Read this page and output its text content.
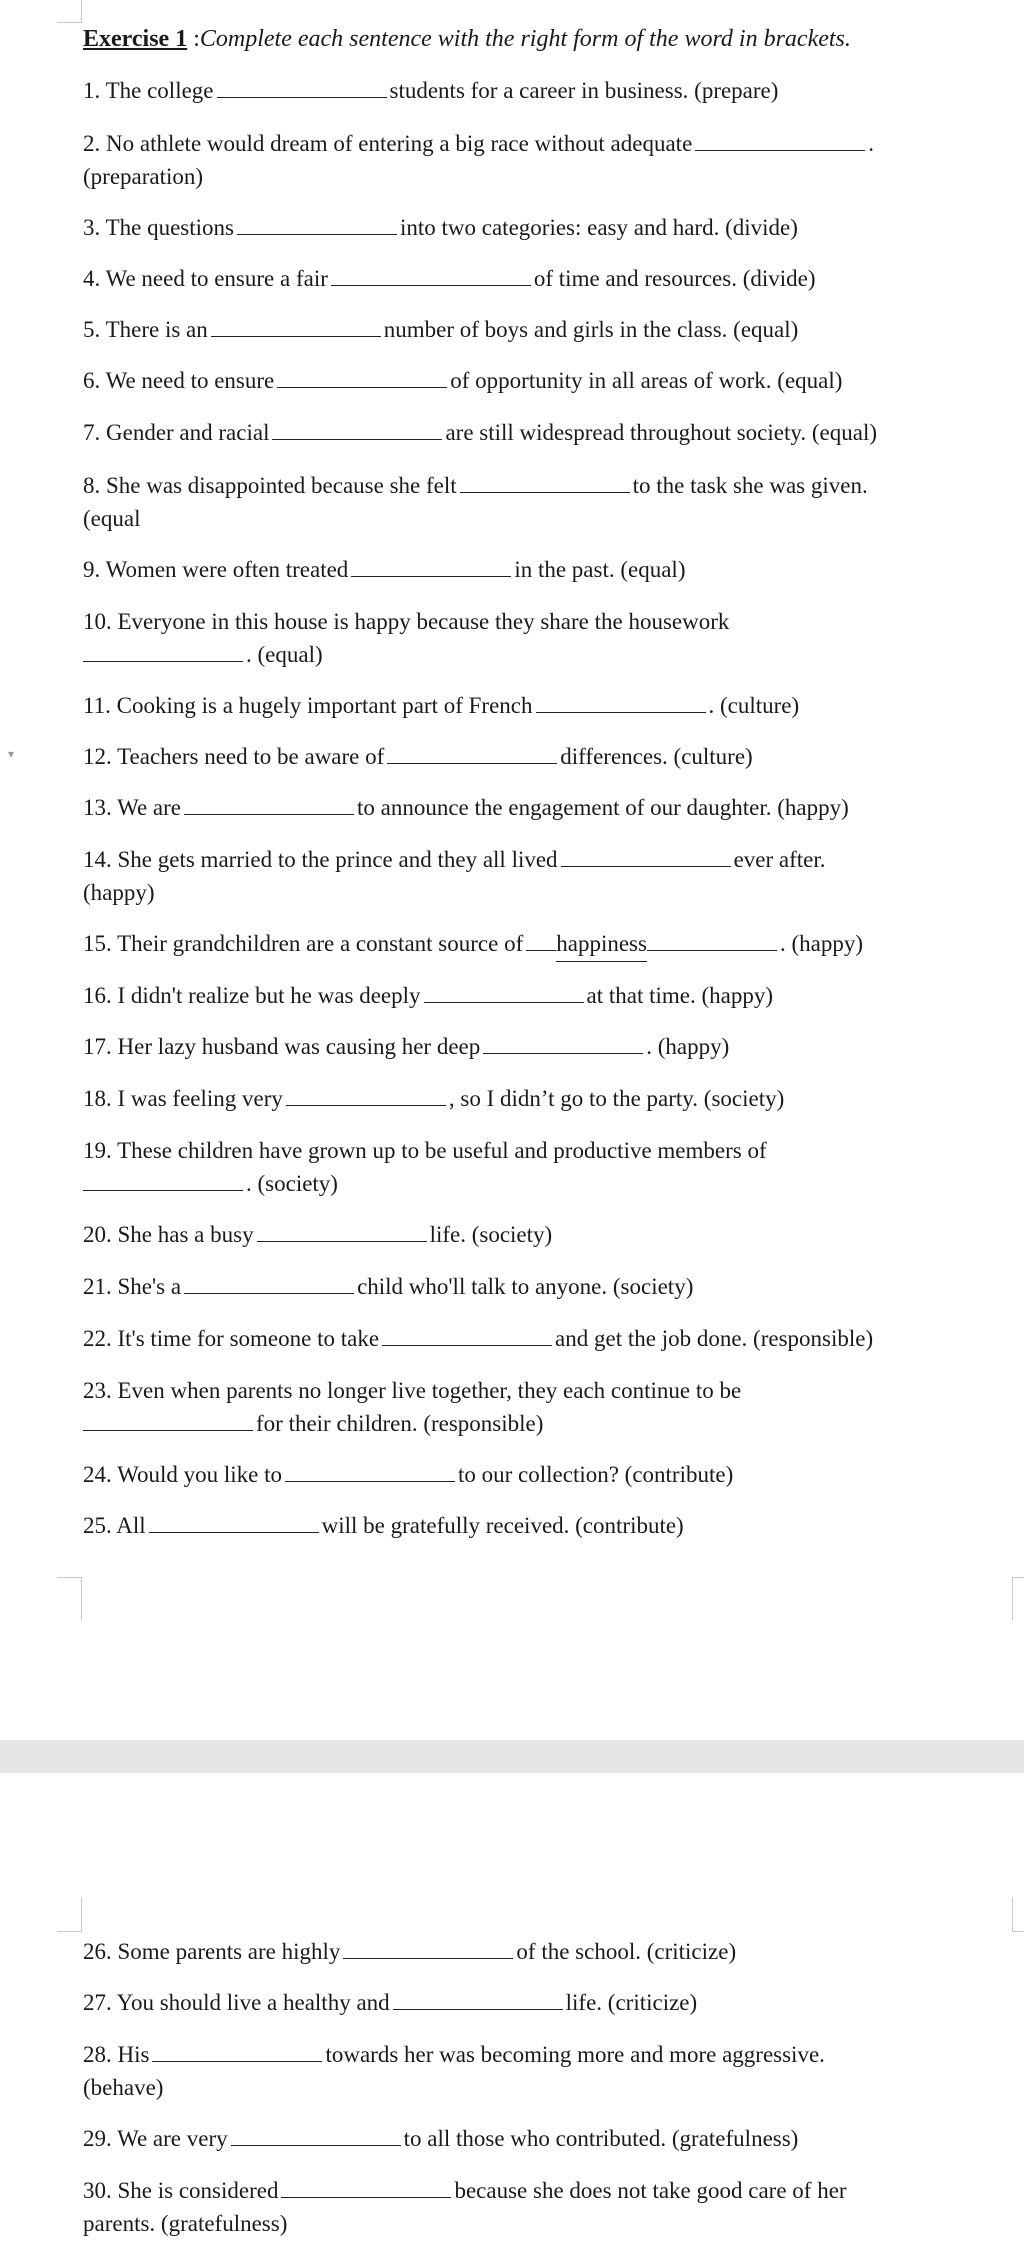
▾
Exercise 1 :Complete each sentence with the right form of the word in brackets.
1. The college	students for a career in business. (prepare)
2. No athlete would dream of entering a big race without adequate	.
(preparation)
3. The questions	into two categories: easy and hard. (divide)
4. We need to ensure a fair	of time and resources. (divide)
5. There is an	number of boys and girls in the class. (equal)
6. We need to ensure	of opportunity in all areas of work. (equal)
7. Gender and racial	are still widespread throughout society. (equal)
8. She was disappointed because she felt	to the task she was given.
(equal
9. Women were often treated	in the past. (equal)
10. Everyone in this house is happy because they share the housework
. (equal)
11. Cooking is a hugely important part of French	. (culture)
12. Teachers need to be aware of	differences. (culture)
13. We are	to announce the engagement of our daughter. (happy)
14. She gets married to the prince and they all lived	ever after.
(happy)
15. Their grandchildren are a constant source of happiness	. (happy)
16. I didn't realize but he was deeply	at that time. (happy)
17. Her lazy husband was causing her deep	. (happy)
18. I was feeling very	, so I didn’t go to the party. (society)
19. These children have grown up to be useful and productive members of
. (society)
20. She has a busy	life. (society)
21. She's a	child who'll talk to anyone. (society)
22. It's time for someone to take	and get the job done. (responsible)
23. Even when parents no longer live together, they each continue to be
for their children. (responsible)
24. Would you like to	to our collection? (contribute)
25. All	will be gratefully received. (contribute)
26. Some parents are highly	of the school. (criticize)
27. You should live a healthy and	life. (criticize)
28. His	towards her was becoming more and more aggressive.
(behave)
29. We are very	to all those who contributed. (gratefulness)
30. She is considered	because she does not take good care of her
parents. (gratefulness)
